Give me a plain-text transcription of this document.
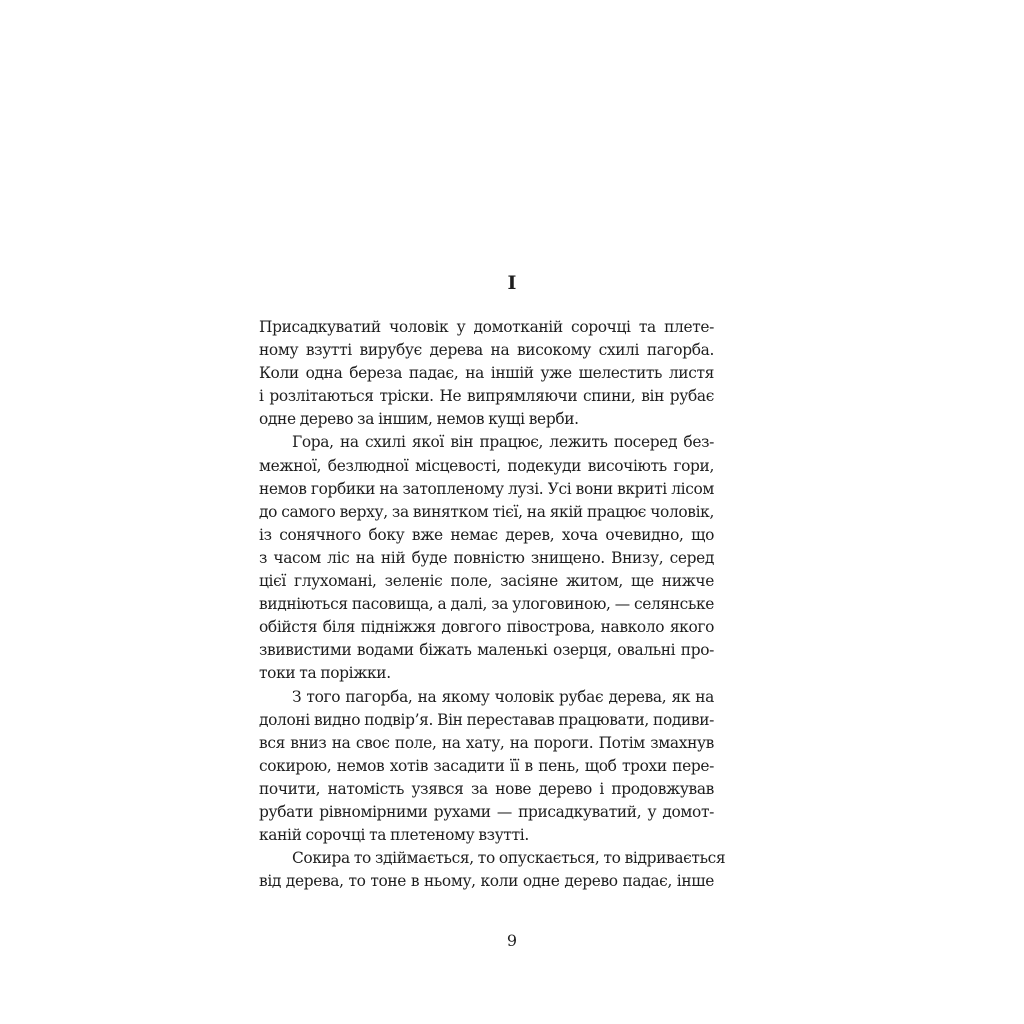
I

Присадкуватий чоловік у домотканій сорочці та плете-
ному взутті вирубує дерева на високому схилі пагорба.
Коли одна береза падає, на іншій уже шелестить листя
і розлітаються тріски. Не випрямляючи спини, він рубає
одне дерево за іншим, немов кущі верби.

Гора, на схилі якої він працює, лежить посеред без-
межної, безлюдної місцевості, подекуди височіють гори,
немов горбики на затопленому лузі. Усі вони вкриті лісом
до самого верху, за винятком тієї, на якій працює чоловік,
із сонячного боку вже немає дерев, хоча очевидно, що
з часом ліс на ній буде повністю знищено. Внизу, серед
цієї глухомані, зеленіє поле, засіяне житом, ще нижче
видніються пасовища, а далі, за улоговиною, — селянське
обійстя біля підніжжя довгого півострова, навколо якого
звивистими водами біжать маленькі озерця, овальні про-
токи та поріжки.

З того пагорба, на якому чоловік рубає дерева, як на
долоні видно подвір’я. Він переставав працювати, подиви-
вся вниз на своє поле, на хату, на пороги. Потім змахнув
сокирою, немов хотів засадити її в пень, щоб трохи пере-
почити, натомість узявся за нове дерево і продовжував
рубати рівномірними рухами — присадкуватий, у домот-
каній сорочці та плетеному взутті.

Сокира то здіймається, то опускається, то відривається
від дерева, то тоне в ньому, коли одне дерево падає, інше

9
